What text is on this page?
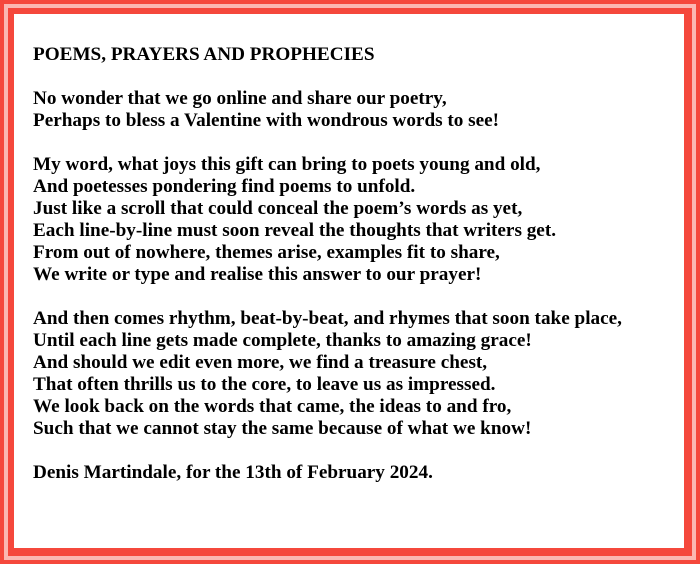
POEMS, PRAYERS AND PROPHECIES
No wonder that we go online and share our poetry,
Perhaps to bless a Valentine with wondrous words to see!
My word, what joys this gift can bring to poets young and old,
And poetesses pondering find poems to unfold.
Just like a scroll that could conceal the poem’s words as yet,
Each line-by-line must soon reveal the thoughts that writers get.
From out of nowhere, themes arise, examples fit to share,
We write or type and realise this answer to our prayer!
And then comes rhythm, beat-by-beat, and rhymes that soon take place,
Until each line gets made complete, thanks to amazing grace!
And should we edit even more, we find a treasure chest,
That often thrills us to the core, to leave us as impressed.
We look back on the words that came, the ideas to and fro,
Such that we cannot stay the same because of what we know!
Denis Martindale, for the 13th of February 2024.
